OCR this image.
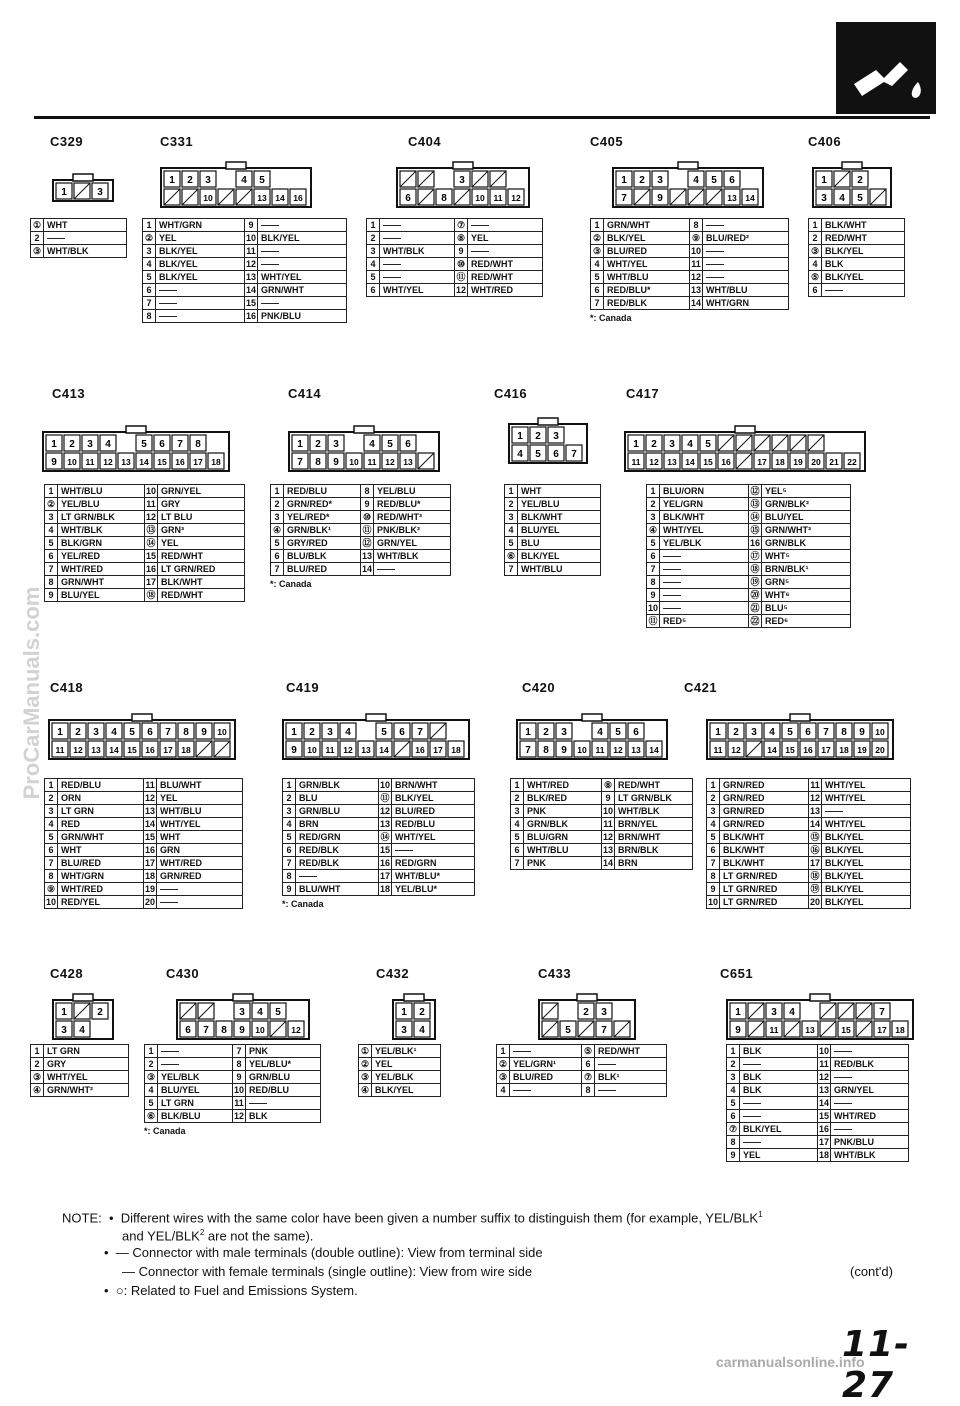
C329
1	3
①	WHT
2	——
③	WHT/BLK
C331
1 2 3	4 5
10	13 14 16
1	WHT/GRN	9	——
②	YEL	10	BLK/YEL
3	BLK/YEL	11	——
4	BLK/YEL	12	——
5	BLK/YEL	13	WHT/YEL
6	——	14	GRN/WHT
7	——	15	——
8	——	16	PNK/BLU
C404
3
6	8	10 11 12
1	——	⑦	——
2	——	⑧	YEL
3	WHT/BLK	9	——
4	——	⑩	RED/WHT
5	——	⑪	RED/WHT
6	WHT/YEL	12	WHT/RED
C405
1 2 3	4 5 6
7	9	13 14
1	GRN/WHT	8	——
②	BLK/YEL	⑨	BLU/RED²
③	BLU/RED	10	——
4	WHT/YEL	11	——
5	WHT/BLU	12	——
6	RED/BLU*	13	WHT/BLU
7	RED/BLK	14	WHT/GRN
*: Canada
C406
1	2
3 4 5
1	BLK/WHT
2	RED/WHT
③	BLK/YEL
4	BLK
⑤	BLK/YEL
6	——
C413
1 2 3 4	5 6 7 8
9 10 11 12 13 14 15 16 17 18
1	WHT/BLU	10	GRN/YEL
②	YEL/BLU	11	GRY
3	LT GRN/BLK	12	LT BLU
4	WHT/BLK	⑬	GRN³
5	BLK/GRN	⑭	YEL
6	YEL/RED	15	RED/WHT
7	WHT/RED	16	LT GRN/RED
8	GRN/WHT	17	BLK/WHT
9	BLU/YEL	⑱	RED/WHT
C414
1 2 3	4 5 6
7 8 9 10 11 12 13
1	RED/BLU	8	YEL/BLU
2	GRN/RED*	9	RED/BLU*
3	YEL/RED*	⑩	RED/WHT³
④	GRN/BLK¹	⑪	PNK/BLK²
5	GRY/RED	⑫	GRN/YEL
6	BLU/BLK	13	WHT/BLK
7	BLU/RED	14	——
*: Canada
C416
1 2 3
4 5 6 7
1	WHT
2	YEL/BLU
3	BLK/WHT
4	BLU/YEL
5	BLU
⑥	BLK/YEL
7	WHT/BLU
C417
1 2 3 4 5
11 12 13 14 15 16	17 18 19 20 21 22
1	BLU/ORN	⑫	YEL⁵
2	YEL/GRN	⑬	GRN/BLK²
3	BLK/WHT	⑭	BLU/YEL
④	WHT/YEL	⑮	GRN/WHT³
5	YEL/BLK	16	GRN/BLK
6	——	⑰	WHT⁵
7	——	⑱	BRN/BLK¹
8	——	⑲	GRN⁵
9	——	⑳	WHT⁶
10	——	㉑	BLU⁵
⑪	RED⁵	㉒	RED⁶
C418
1 2 3 4 5 6 7 8 9 10
11 12 13 14 15 16 17 18
1	RED/BLU	11	BLU/WHT
2	ORN	12	YEL
3	LT GRN	13	WHT/BLU
4	RED	14	WHT/YEL
5	GRN/WHT	15	WHT
6	WHT	16	GRN
7	BLU/RED	17	WHT/RED
8	WHT/GRN	18	GRN/RED
⑨	WHT/RED	19	——
10	RED/YEL	20	——
C419
1 2 3 4	5 6 7
9 10 11 12 13 14	16 17 18
1	GRN/BLK	10	BRN/WHT
2	BLU	⑪	BLK/YEL
3	GRN/BLU	12	BLU/RED
4	BRN	13	RED/BLU
5	RED/GRN	⑭	WHT/YEL
6	RED/BLK	15	——
7	RED/BLK	16	RED/GRN
8	——	17	WHT/BLU*
9	BLU/WHT	18	YEL/BLU*
*: Canada
C420
1 2 3	4 5 6
7 8 9 10 11 12 13 14
1	WHT/RED	⑧	RED/WHT
2	BLK/RED	9	LT GRN/BLK
3	PNK	10	WHT/BLK
4	GRN/BLK	11	BRN/YEL
5	BLU/GRN	12	BRN/WHT
6	WHT/BLU	13	BRN/BLK
7	PNK	14	BRN
C421
1 2 3 4 5 6 7 8 9 10
11 12	14 15 16 17 18 19 20
1	GRN/RED	11	WHT/YEL
2	GRN/RED	12	WHT/YEL
3	GRN/RED	13	——
4	GRN/RED	14	WHT/YEL
5	BLK/WHT	⑮	BLK/YEL
6	BLK/WHT	⑯	BLK/YEL
7	BLK/WHT	17	BLK/YEL
8	LT GRN/RED	⑱	BLK/YEL
9	LT GRN/RED	⑲	BLK/YEL
10	LT GRN/RED	20	BLK/YEL
C428
1	2
3 4
1	LT GRN
2	GRY
③	WHT/YEL
④	GRN/WHT²
C430
3 4 5
6 7 8 9 10	12
1	——	7	PNK
2	——	8	YEL/BLU*
③	YEL/BLK	9	GRN/BLU
4	BLU/YEL	10	RED/BLU
5	LT GRN	11	——
⑥	BLK/BLU	12	BLK
*: Canada
C432
1 2
3 4
①	YEL/BLK¹
②	YEL
③	YEL/BLK
④	BLK/YEL
C433
2 3
5	7
1	——	⑤	RED/WHT
②	YEL/GRN¹	6	——
③	BLU/RED	⑦	BLK¹
4	——	8	——
C651
1	3 4	7
9	11	13	15	17 18
1	BLK	10	——
2	——	11	RED/BLK
3	BLK	12	——
4	BLK	13	GRN/YEL
5	——	14	——
6	——	15	WHT/RED
⑦	BLK/YEL	16	——
8	——	17	PNK/BLU
9	YEL	18	WHT/BLK
NOTE:  •  Different wires with the same color have been given a number suffix to distinguish them (for example, YEL/BLK$^1$
and YEL/BLK$^2$ are not the same).
•  — Connector with male terminals (double outline): View from terminal side
— Connector with female terminals (single outline): View from wire side	(cont'd)
•  ○: Related to Fuel and Emissions System.
11-27
carmanualsonline.info
ProCarManuals.com
